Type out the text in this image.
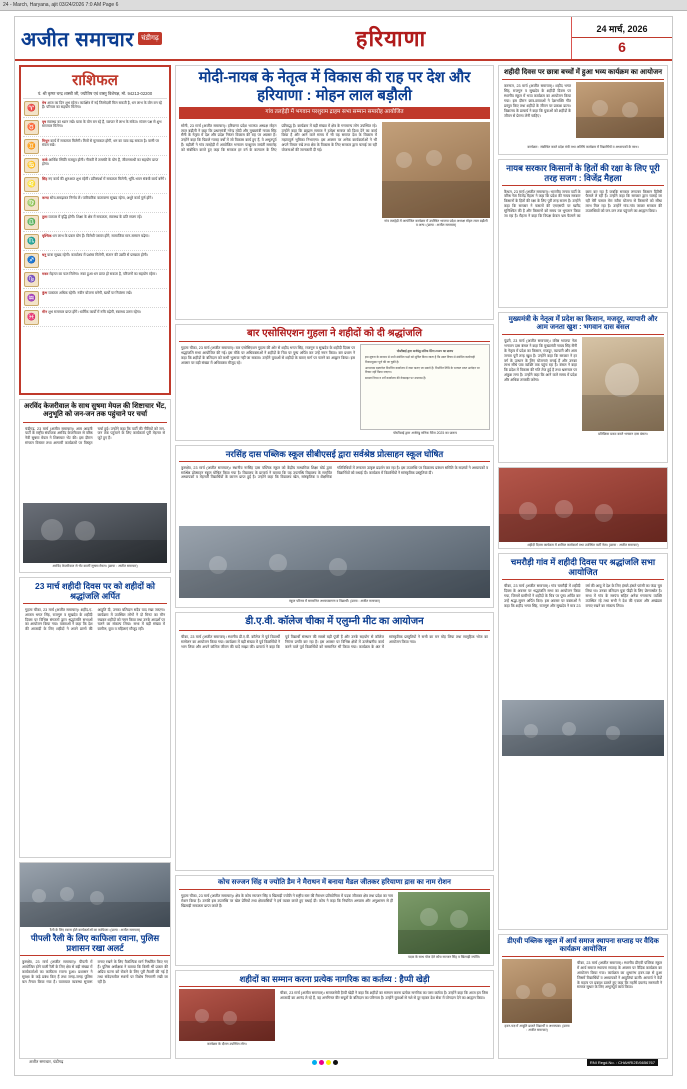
24 - March, Haryana, ajit 03/24/2026 7:0 AM Page 6
अजीत समाचार	चंडीगढ़	हरियाणा	24 मार्च, 2026
6
राशिफल
पं. श्री कृष्ण चन्द्र शास्त्री जी, ज्योतिष एवं वास्तु विशेषज्ञ, मो. 94213-02200
♈
मेष आज का दिन शुभ रहेगा। कार्यक्षेत्र में नई जिम्मेदारी मिल सकती है, धन लाभ के योग बन रहे हैं। परिवार का सहयोग मिलेगा।
♉
वृष स्वास्थ्य का ध्यान रखें। यात्रा के योग बन रहे हैं, व्यापार में लाभ के संकेत। संतान पक्ष से शुभ समाचार मिलेगा।
♊
मिथुन कार्य में सफलता मिलेगी। मित्रों से मुलाकात होगी, धन का व्यय बढ़ सकता है। वाणी पर संयम रखें।
♋
कर्क आर्थिक स्थिति मजबूत होगी। नौकरी में तरक्की के योग हैं, जीवनसाथी का सहयोग प्राप्त होगा।
♌
सिंह नए कार्य की शुरुआत शुभ रहेगी। प्रतिस्पर्धा में सफलता मिलेगी, भूमि-भवन संबंधी कार्य बनेंगे।
♍
कन्या सोच-समझकर निर्णय लें। पारिवारिक वातावरण सुखद रहेगा, अधूरे कार्य पूर्ण होंगे।
♎
तुला व्यापार में वृद्धि होगी। शिक्षा के क्षेत्र में सफलता, स्वास्थ्य के प्रति सजग रहें।
♏
वृश्चिक धन लाभ के प्रबल योग हैं। विरोधी परास्त होंगे, सामाजिक मान-सम्मान बढ़ेगा।
♐
धनु यात्रा सुखद रहेगी। कार्यालय में प्रशंसा मिलेगी, संतान की उन्नति से प्रसन्नता होगी।
♑
मकर मेहनत का फल मिलेगा। रुका हुआ धन प्राप्त हो सकता है, परिजनों का सहयोग रहेगा।
♒
कुंभ व्यस्तता अधिक रहेगी। नवीन योजना बनेगी, खर्चों पर नियंत्रण रखें।
♓
मीन शुभ समाचार प्राप्त होंगे। धार्मिक कार्यों में रुचि बढ़ेगी, स्वास्थ्य उत्तम रहेगा।
अरविंद केजरीवाल के साथ सुषमा मेयल की शिष्टाचार भेंट, अनुभूति को जन-जन तक पहुंचाने पर चर्चा
चंडीगढ़, 23 मार्च (अजीत समाचार)। आम आदमी पार्टी के राष्ट्रीय संयोजक अरविंद केजरीवाल से वरिष्ठ नेत्री सुषमा मेयल ने शिष्टाचार भेंट की। इस दौरान संगठन विस्तार तथा आगामी कार्यक्रमों पर विस्तृत चर्चा हुई। उन्होंने कहा कि पार्टी की नीतियों को जन-जन तक पहुंचाने के लिए कार्यकर्ता पूरी मेहनत से जुटे हुए हैं।
अरविंद केजरीवाल से भेंट करतीं सुषमा मेयल। (छाया : अजीत समाचार)
23 मार्च शहीदी दिवस पर को शहीदों को श्रद्धांजलि अर्पित
गुहला चीका, 23 मार्च (अजीत समाचार)। शहीद-ए-आजम भगत सिंह, राजगुरु व सुखदेव के शहीदी दिवस पर विभिन्न संगठनों द्वारा श्रद्धांजलि सभाओं का आयोजन किया गया। वक्ताओं ने कहा कि देश की आजादी के लिए शहीदों ने अपने प्राणों की आहुति दी, उनका बलिदान सदैव याद रखा जाएगा। कार्यक्रम में उपस्थित लोगों ने दो मिनट का मौन रखकर शहीदों को नमन किया तथा उनके आदर्शों पर चलने का संकल्प लिया। सभा में बड़ी संख्या में ग्रामीण, युवा व महिलाएं मौजूद रहीं।
रैली के लिए रवाना होते कार्यकर्ताओं का काफिला। (छाया : अजीत समाचार)
पीपली रैली के लिए काफिला रवाना, पुलिस प्रशासन रखा अलर्ट
कुरुक्षेत्र, 23 मार्च (अजीत समाचार)। पीपली में आयोजित होने वाली रैली के लिए क्षेत्र से बड़ी संख्या में कार्यकर्ताओं का काफिला रवाना हुआ। प्रशासन ने सुरक्षा के कड़े प्रबंध किए हैं तथा जगह-जगह पुलिस बल तैनात किया गया है। यातायात व्यवस्था सुचारू बनाए रखने के लिए वैकल्पिक मार्ग निर्धारित किए गए हैं। पुलिस अधीक्षक ने बताया कि किसी भी प्रकार की अप्रिय घटना को रोकने के लिए पूरी तैयारी की गई है तथा संवेदनशील स्थानों पर विशेष निगरानी रखी जा रही है।
मोदी-नायब के नेतृत्व में विकास की राह पर देश और हरियाणा : मोहन लाल बड़ौली
गांव तलहेड़ी में भगवान परशुराम द्राहम सभा सम्मान समारोह आयोजित
सोनी, 23 मार्च (अजीत समाचार)। हरियाणा प्रदेश भाजपा अध्यक्ष मोहन लाल बड़ौली ने कहा कि प्रधानमंत्री नरेन्द्र मोदी और मुख्यमंत्री नायब सिंह सैनी के नेतृत्व में देश और प्रदेश निरंतर विकास की राह पर अग्रसर है। उन्होंने कहा कि पिछले ग्यारह वर्षों में जो विकास कार्य हुए हैं, वे अभूतपूर्व हैं। बड़ौली ने गांव तलहेड़ी में आयोजित भगवान परशुराम जयंती समारोह को संबोधित करते हुए कहा कि सरकार हर वर्ग के कल्याण के लिए प्रतिबद्ध है। कार्यक्रम में बड़ी संख्या में क्षेत्र के गणमान्य लोग उपस्थित रहे। उन्होंने कहा कि ब्राह्मण समाज ने हमेशा समाज को दिशा देने का कार्य किया है और आने वाले समय में भी यह समाज देश के विकास में महत्वपूर्ण भूमिका निभाएगा। इस अवसर पर अनेक कार्यकर्ताओं ने भी अपने विचार रखे तथा क्षेत्र के विकास के लिए सरकार द्वारा चलाई जा रही योजनाओं की जानकारी दी गई।
गांव तलहेड़ी में आयोजित कार्यक्रम में उपस्थित भाजपा प्रदेश अध्यक्ष मोहन लाल बड़ौली व अन्य। (छाया : अजीत समाचार)
बार एसोसिएशन गुहला ने शहीदों को दी श्रद्धांजलि
गुहला चीका, 23 मार्च (अजीत समाचार)। बार एसोसिएशन गुहला की ओर से शहीद भगत सिंह, राजगुरु व सुखदेव के शहीदी दिवस पर श्रद्धांजलि सभा आयोजित की गई। इस मौके पर अधिवक्ताओं ने शहीदों के चित्र पर पुष्प अर्पित कर उन्हें नमन किया। बार प्रधान ने कहा कि शहीदों के बलिदान को कभी भुलाया नहीं जा सकता। उन्होंने युवाओं से शहीदों के बताए मार्ग पर चलने का आह्वान किया। इस अवसर पर बड़ी संख्या में अधिवक्ता मौजूद रहे।

पोस्टीबाई द्वारा अर्जमंडु सनिक मैटेरा 2025 का प्रारूप

इस सूचना के माध्यम से सभी संबंधित पक्षों को सूचित किया जाता है कि उक्त विषय से संबंधित कार्यवाही नियमानुसार पूर्ण की जा चुकी है।

आवश्यक दस्तावेज निर्धारित कार्यालय में जमा कराए जा सकते हैं। निर्धारित तिथि के पश्चात प्राप्त आवेदन पर विचार नहीं किया जाएगा।

समस्त नियम व शर्तें कार्यालय की वेबसाइट पर उपलब्ध हैं।

पोस्टीबाई द्वारा अर्जमंडु सनिक मैटेरा 2025 का प्रारूप
नरसिंह दास पब्लिक स्कूल सीबीएसई द्वारा सर्वश्रेष्ठ प्रोत्साहन स्कूल घोषित
कुरुक्षेत्र, 23 मार्च (अजीत समाचार)। स्थानीय नरसिंह दास पब्लिक स्कूल को केंद्रीय माध्यमिक शिक्षा बोर्ड द्वारा सर्वश्रेष्ठ प्रोत्साहन स्कूल घोषित किया गया है। विद्यालय के प्राचार्य ने बताया कि यह उपलब्धि विद्यालय के समर्पित अध्यापकों व मेहनती विद्यार्थियों के कारण प्राप्त हुई है। उन्होंने कहा कि विद्यालय खेल, सांस्कृतिक व शैक्षणिक गतिविधियों में लगातार उत्कृष्ट प्रदर्शन कर रहा है। इस उपलब्धि पर विद्यालय प्रबंधन समिति के सदस्यों ने अध्यापकों व विद्यार्थियों को बधाई दी। कार्यक्रम में विद्यार्थियों ने सांस्कृतिक प्रस्तुतियां दीं।
स्कूल परिसर में सम्मानित अध्यापकगण व विद्यार्थी। (छाया : अजीत समाचार)
डी.ए.वी. कॉलेज चीका में एलुम्नी मीट का आयोजन
चीका, 23 मार्च (अजीत समाचार)। स्थानीय डी.ए.वी. कॉलेज में पूर्व विद्यार्थी सम्मेलन का आयोजन किया गया। कार्यक्रम में बड़ी संख्या में पूर्व विद्यार्थियों ने भाग लिया और अपने कॉलेज जीवन की यादें साझा कीं। प्राचार्य ने कहा कि पूर्व विद्यार्थी संस्थान की सबसे बड़ी पूंजी हैं और उनके सहयोग से कॉलेज निरंतर प्रगति कर रहा है। इस अवसर पर विभिन्न क्षेत्रों में उल्लेखनीय कार्य करने वाले पूर्व विद्यार्थियों को सम्मानित भी किया गया। कार्यक्रम के अंत में सांस्कृतिक प्रस्तुतियों ने सभी का मन मोह लिया तथा सामूहिक भोज का आयोजन किया गया।
कोच सज्जन सिंह व ज्योति डैम ने मैराथन में बनाया मैडल जीतकर हरियाणा द्रास का नाम रोशन
गुहला चीका, 23 मार्च (अजीत समाचार)। क्षेत्र के कोच सज्जन सिंह व खिलाड़ी ज्योति ने राष्ट्रीय स्तर की मैराथन प्रतियोगिता में पदक जीतकर क्षेत्र तथा प्रदेश का नाम रोशन किया है। उनकी इस उपलब्धि पर खेल प्रेमियों तथा क्षेत्रवासियों ने हर्ष व्यक्त करते हुए बधाई दी। कोच ने कहा कि नियमित अभ्यास और अनुशासन से ही खिलाड़ी सफलता प्राप्त करते हैं।
पदक के साथ पोज देते कोच सज्जन सिंह व खिलाड़ी ज्योति।
शहीदों का सम्मान करना प्रत्येक नागरिक का कर्तव्य : हैप्पी खेड़ी
कार्यक्रम के दौरान उपस्थित लोग।
चीका, 23 मार्च (अजीत समाचार)। समाजसेवी हैप्पी खेड़ी ने कहा कि शहीदों का सम्मान करना प्रत्येक नागरिक का परम कर्तव्य है। उन्होंने कहा कि आज हम जिस आजादी का आनंद ले रहे हैं, वह अनगिनत वीर सपूतों के बलिदान का परिणाम है। उन्होंने युवाओं से नशे से दूर रहकर देश सेवा में योगदान देने का आह्वान किया।
शहीदी दिवस पर छात्रा बच्चों में हुआ भव्य कार्यक्रम का आयोजन
करनाल, 23 मार्च (अजीत समाचार)। शहीद भगत सिंह, राजगुरु व सुखदेव के शहीदी दिवस पर स्थानीय स्कूल में भव्य कार्यक्रम का आयोजन किया गया। इस दौरान छात्र-छात्राओं ने देशभक्ति गीत प्रस्तुत किए तथा शहीदों के जीवन पर प्रकाश डाला। विद्यालय के प्राचार्य ने कहा कि युवाओं को शहीदों के जीवन से प्रेरणा लेनी चाहिए।
कार्यक्रम : संबोधित करते प्रदेश मंत्री तथा अतिथि कार्यक्रम में विद्यार्थियों व अध्यापकों के साथ।
नायब सरकार किसानों के हितों की रक्षा के लिए पूरी तरह सजग : विजेंद्र मैहला
कैथल, 23 मार्च (अजीत समाचार)। भारतीय जनता पार्टी के वरिष्ठ नेता विजेंद्र मैहला ने कहा कि प्रदेश की नायब सरकार किसानों के हितों की रक्षा के लिए पूरी तरह सजग है। उन्होंने कहा कि सरकार ने फसलों की एमएसपी पर खरीद सुनिश्चित की है और किसानों को समय पर भुगतान किया जा रहा है। मैहला ने कहा कि विपक्ष केवल भ्रम फैलाने का काम कर रहा है जबकि सरकार लगातार किसान हितैषी फैसले ले रही है। उन्होंने कहा कि सरकार द्वारा चलाई जा रही मेरी फसल मेरा ब्यौरा योजना से किसानों को सीधा लाभ मिल रहा है। उन्होंने गांव-गांव जाकर सरकार की उपलब्धियों को जन-जन तक पहुंचाने का आह्वान किया।
मुख्यमंत्री के नेतृत्व में प्रदेश का किसान, मजदूर, व्यापारी और आम जनता खुश : भगवान दास बंसल
पूंडरी, 23 मार्च (अजीत समाचार)। वरिष्ठ भाजपा नेता भगवान दास बंसल ने कहा कि मुख्यमंत्री नायब सिंह सैनी के नेतृत्व में प्रदेश का किसान, मजदूर, व्यापारी और आम जनता पूरी तरह खुश है। उन्होंने कहा कि सरकार ने हर वर्ग के उत्थान के लिए योजनाएं बनाई हैं और उनका लाभ सीधे पात्र व्यक्ति तक पहुंच रहा है। बंसल ने कहा कि प्रदेश में विकास की गति तेज हुई है तथा भ्रष्टाचार पर अंकुश लगा है। उन्होंने कहा कि आने वाले समय में प्रदेश और अधिक तरक्की करेगा।
प्रतिक्रिया प्रकट करते भगवान दास बंसल।
शहीदी दिवस कार्यक्रम में शामिल कार्यकर्ता तथा उपस्थित पार्टी नेता। (छाया : अजीत समाचार)
चमरौड़ी गांव में शहीदी दिवस पर श्रद्धांजलि सभा आयोजित
चीका, 23 मार्च (अजीत समाचार)। गांव चमरौड़ी में शहीदी दिवस के अवसर पर श्रद्धांजलि सभा का आयोजन किया गया, जिसमें ग्रामीणों ने शहीदों के चित्र पर पुष्प अर्पित कर उन्हें श्रद्धा-सुमन अर्पित किए। इस अवसर पर वक्ताओं ने कहा कि शहीद भगत सिंह, राजगुरु और सुखदेव ने मात्र 23 वर्ष की आयु में देश के लिए हंसते-हंसते फांसी का फंदा चूम लिया था। उनका बलिदान युवा पीढ़ी के लिए प्रेरणास्रोत है। सभा में गांव के सरपंच सहित अनेक गणमान्य व्यक्ति उपस्थित रहे तथा सभी ने देश की एकता और अखंडता बनाए रखने का संकल्प लिया।
डीएवी पब्लिक स्कूल में आर्य समाज स्थापना सप्ताह पर वैदिक कार्यक्रम आयोजित
हवन-यज्ञ में आहुति डालते विद्यार्थी व अध्यापक। (छाया : अजीत समाचार)
चीका, 23 मार्च (अजीत समाचार)। स्थानीय डीएवी पब्लिक स्कूल में आर्य समाज स्थापना सप्ताह के अवसर पर वैदिक कार्यक्रम का आयोजन किया गया। कार्यक्रम का शुभारंभ हवन-यज्ञ से हुआ जिसमें विद्यार्थियों व अध्यापकों ने आहुतियां डालीं। आचार्य ने वेदों के महत्व पर प्रकाश डालते हुए कहा कि महर्षि दयानंद सरस्वती ने समाज सुधार के लिए अभूतपूर्व कार्य किया।
अजीत समाचार, चंडीगढ़	RNI Regd.No. : CHAHRI2E/6656767
